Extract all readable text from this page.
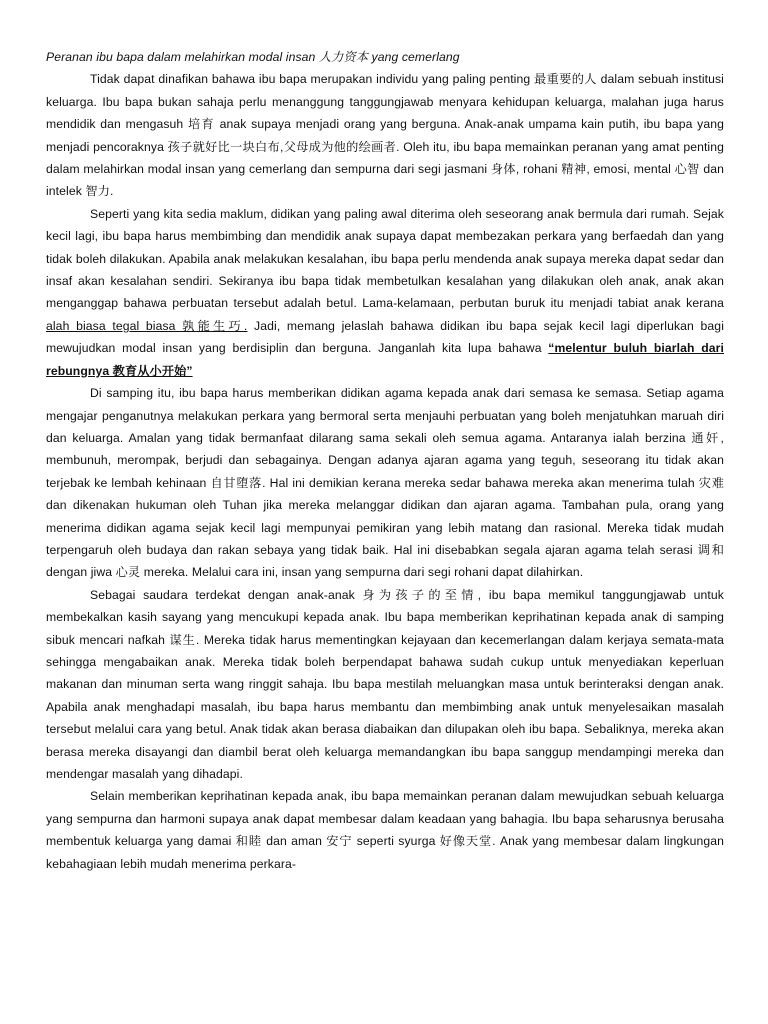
Peranan ibu bapa dalam melahirkan modal insan 人力资本 yang cemerlang

Tidak dapat dinafikan bahawa ibu bapa merupakan individu yang paling penting 最重要的人 dalam sebuah institusi keluarga. Ibu bapa bukan sahaja perlu menanggung tanggungjawab menyara kehidupan keluarga, malahan juga harus mendidik dan mengasuh 培育 anak supaya menjadi orang yang berguna. Anak-anak umpama kain putih, ibu bapa yang menjadi pencoraknya 孩子就好比一块白布,父母成为他的绘画者. Oleh itu, ibu bapa memainkan peranan yang amat penting dalam melahirkan modal insan yang cemerlang dan sempurna dari segi jasmani 身体, rohani 精神, emosi, mental 心智 dan intelek 智力.

Seperti yang kita sedia maklum, didikan yang paling awal diterima oleh seseorang anak bermula dari rumah. Sejak kecil lagi, ibu bapa harus membimbing dan mendidik anak supaya dapat membezakan perkara yang berfaedah dan yang tidak boleh dilakukan. Apabila anak melakukan kesalahan, ibu bapa perlu mendenda anak supaya mereka dapat sedar dan insaf akan kesalahan sendiri. Sekiranya ibu bapa tidak membetulkan kesalahan yang dilakukan oleh anak, anak akan menganggap bahawa perbuatan tersebut adalah betul. Lama-kelamaan, perbutan buruk itu menjadi tabiat anak kerana alah biasa tegal biasa 孰能生巧. Jadi, memang jelaslah bahawa didikan ibu bapa sejak kecil lagi diperlukan bagi mewujudkan modal insan yang berdisiplin dan berguna. Janganlah kita lupa bahawa “melentur buluh biarlah dari rebungnya 教育从小开始”

Di samping itu, ibu bapa harus memberikan didikan agama kepada anak dari semasa ke semasa. Setiap agama mengajar penganutnya melakukan perkara yang bermoral serta menjauhi perbuatan yang boleh menjatuhkan maruah diri dan keluarga. Amalan yang tidak bermanfaat dilarang sama sekali oleh semua agama. Antaranya ialah berzina 通奸, membunuh, merompak, berjudi dan sebagainya. Dengan adanya ajaran agama yang teguh, seseorang itu tidak akan terjebak ke lembah kehinaan 自甘堕落. Hal ini demikian kerana mereka sedar bahawa mereka akan menerima tulah 灾难 dan dikenakan hukuman oleh Tuhan jika mereka melanggar didikan dan ajaran agama. Tambahan pula, orang yang menerima didikan agama sejak kecil lagi mempunyai pemikiran yang lebih matang dan rasional. Mereka tidak mudah terpengaruh oleh budaya dan rakan sebaya yang tidak baik. Hal ini disebabkan segala ajaran agama telah serasi 调和 dengan jiwa 心灵 mereka. Melalui cara ini, insan yang sempurna dari segi rohani dapat dilahirkan.

Sebagai saudara terdekat dengan anak-anak 身为孩子的至情, ibu bapa memikul tanggungjawab untuk membekalkan kasih sayang yang mencukupi kepada anak. Ibu bapa memberikan keprihatinan kepada anak di samping sibuk mencari nafkah 谋生. Mereka tidak harus mementingkan kejayaan dan kecemerlangan dalam kerjaya semata-mata sehingga mengabaikan anak. Mereka tidak boleh berpendapat bahawa sudah cukup untuk menyediakan keperluan makanan dan minuman serta wang ringgit sahaja. Ibu bapa mestilah meluangkan masa untuk berinteraksi dengan anak. Apabila anak menghadapi masalah, ibu bapa harus membantu dan membimbing anak untuk menyelesaikan masalah tersebut melalui cara yang betul. Anak tidak akan berasa diabaikan dan dilupakan oleh ibu bapa. Sebaliknya, mereka akan berasa mereka disayangi dan diambil berat oleh keluarga memandangkan ibu bapa sanggup mendampingi mereka dan mendengar masalah yang dihadapi.

Selain memberikan keprihatinan kepada anak, ibu bapa memainkan peranan dalam mewujudkan sebuah keluarga yang sempurna dan harmoni supaya anak dapat membesar dalam keadaan yang bahagia. Ibu bapa seharusnya berusaha membentuk keluarga yang damai 和睦 dan aman 安宁 seperti syurga 好像天堂. Anak yang membesar dalam lingkungan kebahagiaan lebih mudah menerima perkara-
